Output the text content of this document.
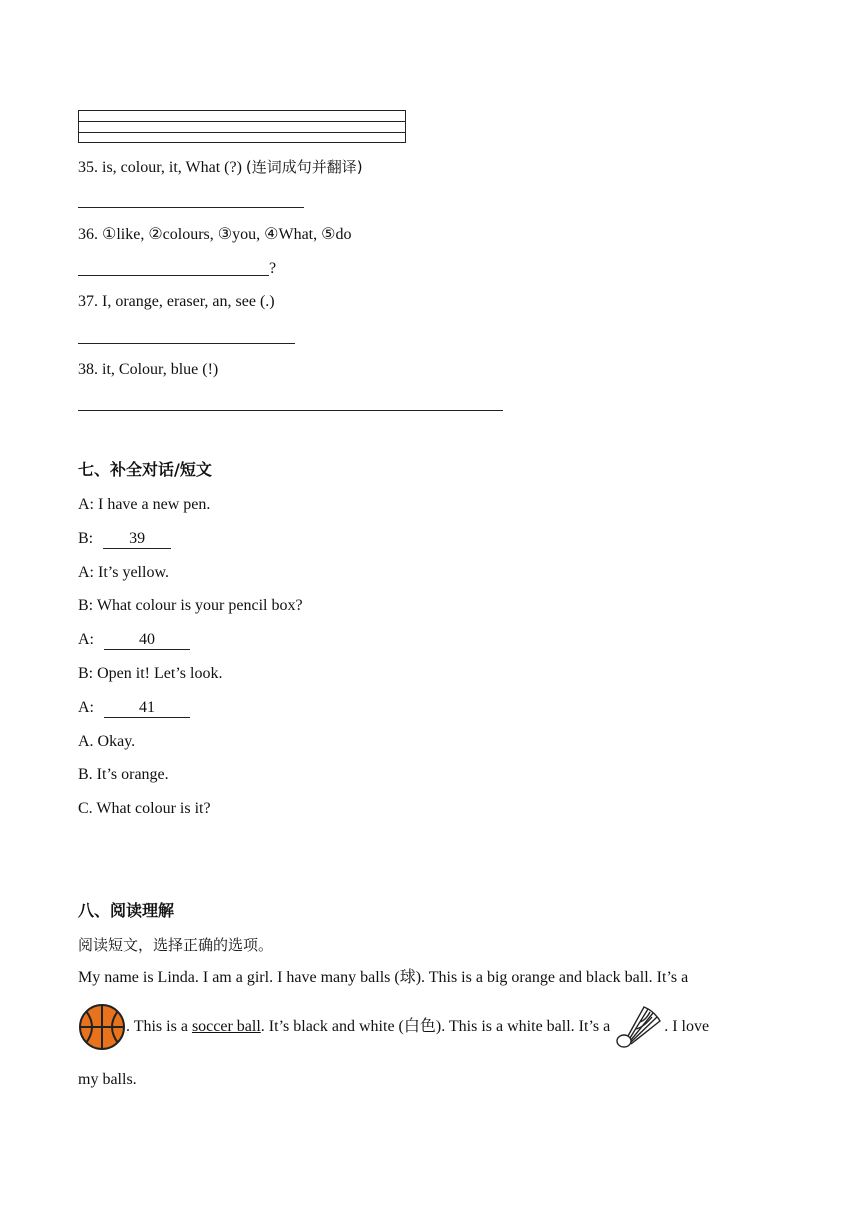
35. is, colour, it, What (?) (连词成句并翻译)
36. ①like, ②colours, ③you, ④What, ⑤do
?
37. I, orange, eraser, an, see (.)
38. it, Colour, blue (!)
七、补全对话/短文
A: I have a new pen.
B: 39
A: It’s yellow.
B: What colour is your pencil box?
A:	40
B: Open it! Let’s look.
A:	41
A. Okay.
B. It’s orange.
C. What colour is it?
八、阅读理解
阅读短文，选择正确的选项。
My name is Linda. I am a girl. I have many balls (球). This is a big orange and black ball. It’s a
. This is a soccer ball. It’s black and white (白色). This is a white ball. It’s a	. I love
my balls.
